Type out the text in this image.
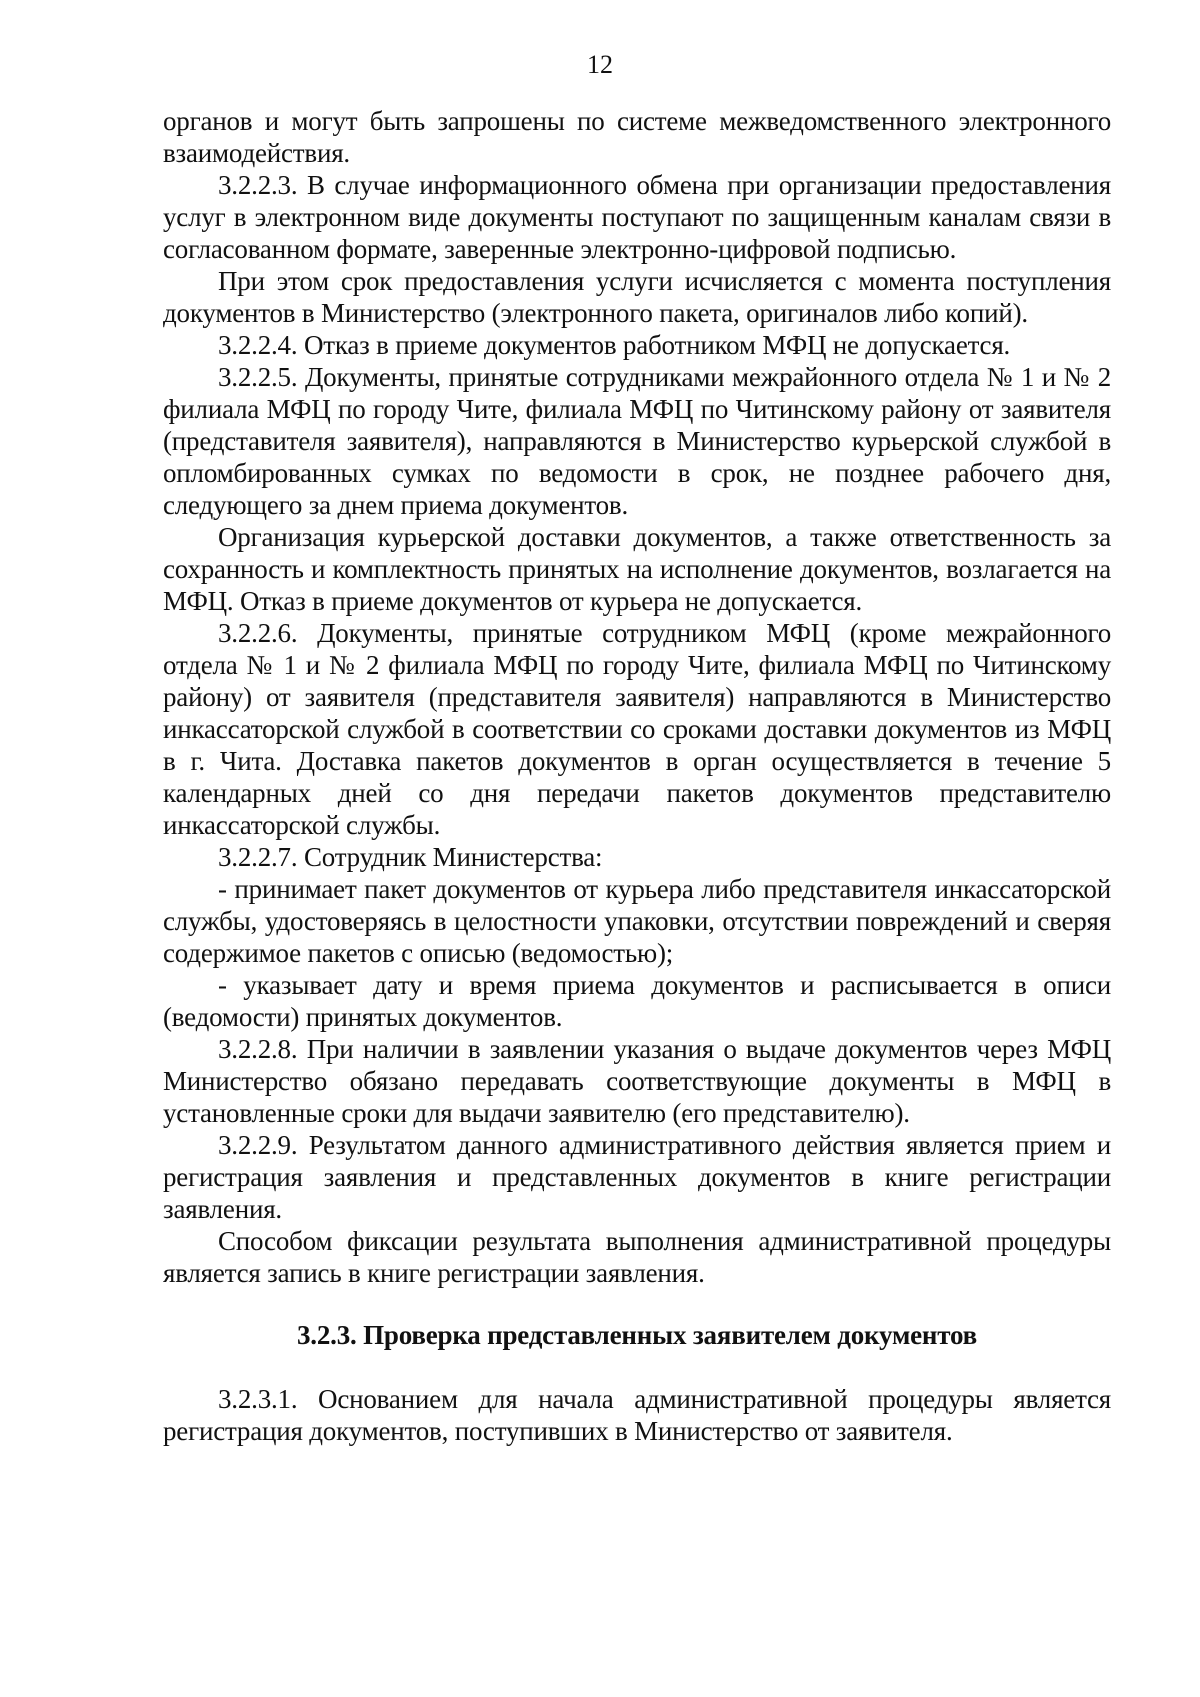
12

органов и могут быть запрошены по системе межведомственного электронного взаимодействия.

3.2.2.3. В случае информационного обмена при организации предоставления услуг в электронном виде документы поступают по защищенным каналам связи в согласованном формате, заверенные электронно-цифровой подписью.

При этом срок предоставления услуги исчисляется с момента поступления документов в Министерство (электронного пакета, оригиналов либо копий).

3.2.2.4. Отказ в приеме документов работником МФЦ не допускается.

3.2.2.5. Документы, принятые сотрудниками межрайонного отдела № 1 и № 2 филиала МФЦ по городу Чите, филиала МФЦ по Читинскому району от заявителя (представителя заявителя), направляются в Министерство курьерской службой в опломбированных сумках по ведомости в срок, не позднее рабочего дня, следующего за днем приема документов.

Организация курьерской доставки документов, а также ответственность за сохранность и комплектность принятых на исполнение документов, возлагается на МФЦ. Отказ в приеме документов от курьера не допускается.

3.2.2.6. Документы, принятые сотрудником МФЦ (кроме межрайонного отдела № 1 и № 2 филиала МФЦ по городу Чите, филиала МФЦ по Читинскому району) от заявителя (представителя заявителя) направляются в Министерство инкассаторской службой в соответствии со сроками доставки документов из МФЦ в г. Чита. Доставка пакетов документов в орган осуществляется в течение 5 календарных дней со дня передачи пакетов документов представителю инкассаторской службы.

3.2.2.7. Сотрудник Министерства:

- принимает пакет документов от курьера либо представителя инкассаторской службы, удостоверяясь в целостности упаковки, отсутствии повреждений и сверяя содержимое пакетов с описью (ведомостью);

- указывает дату и время приема документов и расписывается в описи (ведомости) принятых документов.

3.2.2.8. При наличии в заявлении указания о выдаче документов через МФЦ Министерство обязано передавать соответствующие документы в МФЦ в установленные сроки для выдачи заявителю (его представителю).

3.2.2.9. Результатом данного административного действия является прием и регистрация заявления и представленных документов в книге регистрации заявления.

Способом фиксации результата выполнения административной процедуры является запись в книге регистрации заявления.

3.2.3. Проверка представленных заявителем документов

3.2.3.1. Основанием для начала административной процедуры является регистрация документов, поступивших в Министерство от заявителя.
